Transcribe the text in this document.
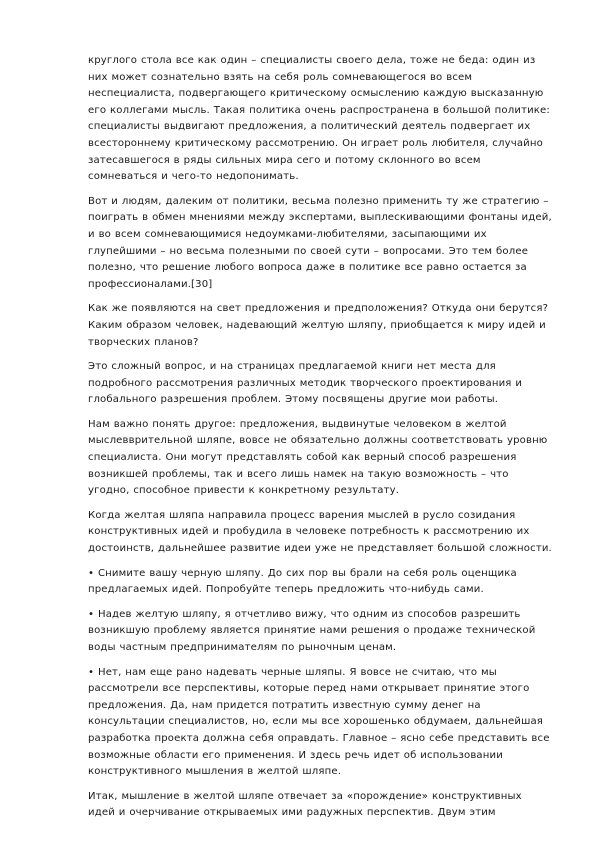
круглого стола все как один – специалисты своего дела, тоже не беда: один из них может сознательно взять на себя роль сомневающегося во всем неспециалиста, подвергающего критическому осмыслению каждую высказанную его коллегами мысль. Такая политика очень распространена в большой политике: специалисты выдвигают предложения, а политический деятель подвергает их всестороннему критическому рассмотрению. Он играет роль любителя, случайно затесавшегося в ряды сильных мира сего и потому склонного во всем сомневаться и чего-то недопонимать.

Вот и людям, далеким от политики, весьма полезно применить ту же стратегию – поиграть в обмен мнениями между экспертами, выплескивающими фонтаны идей, и во всем сомневающимися недоумками-любителями, засыпающими их глупейшими – но весьма полезными по своей сути – вопросами. Это тем более полезно, что решение любого вопроса даже в политике все равно остается за профессионалами.[30]

Как же появляются на свет предложения и предположения? Откуда они берутся? Каким образом человек, надевающий желтую шляпу, приобщается к миру идей и творческих планов?

Это сложный вопрос, и на страницах предлагаемой книги нет места для подробного рассмотрения различных методик творческого проектирования и глобального разрешения проблем. Этому посвящены другие мои работы.

Нам важно понять другое: предложения, выдвинутые человеком в желтой мыслевврительной шляпе, вовсе не обязательно должны соответствовать уровню специалиста. Они могут представлять собой как верный способ разрешения возникшей проблемы, так и всего лишь намек на такую возможность – что угодно, способное привести к конкретному результату.

Когда желтая шляпа направила процесс варения мыслей в русло созидания конструктивных идей и пробудила в человеке потребность к рассмотрению их достоинств, дальнейшее развитие идеи уже не представляет большой сложности.

• Снимите вашу черную шляпу. До сих пор вы брали на себя роль оценщика предлагаемых идей. Попробуйте теперь предложить что-нибудь сами.

• Надев желтую шляпу, я отчетливо вижу, что одним из способов разрешить возникшую проблему является принятие нами решения о продаже технической воды частным предпринимателям по рыночным ценам.

• Нет, нам еще рано надевать черные шляпы. Я вовсе не считаю, что мы рассмотрели все перспективы, которые перед нами открывает принятие этого предложения. Да, нам придется потратить известную сумму денег на консультации специалистов, но, если мы все хорошенько обдумаем, дальнейшая разработка проекта должна себя оправдать. Главное – ясно себе представить все возможные области его применения. И здесь речь идет об использовании конструктивного мышления в желтой шляпе.

Итак, мышление в желтой шляпе отвечает за «порождение» конструктивных идей и очерчивание открываемых ими радужных перспектив. Двум этим
